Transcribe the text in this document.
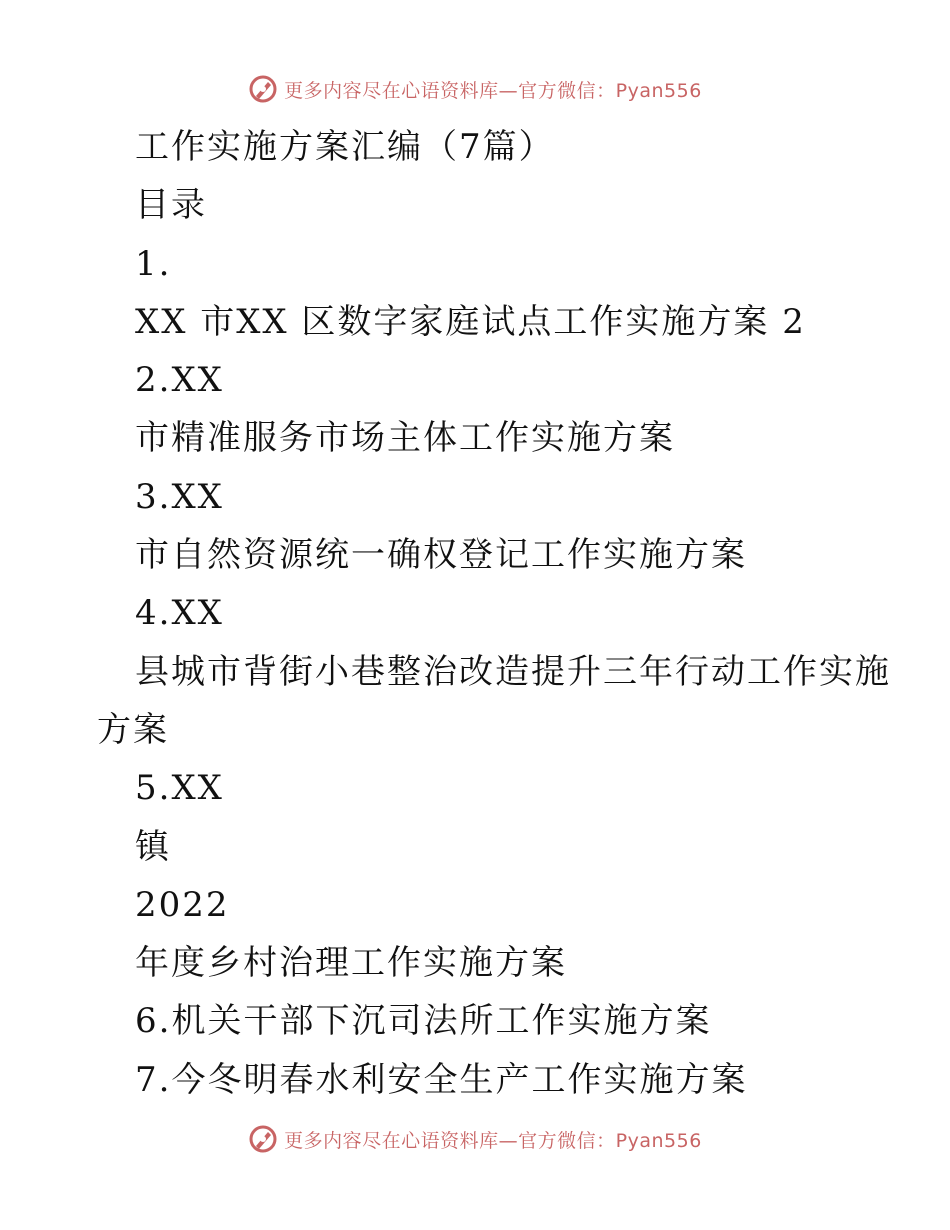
更多内容尽在心语资料库—官方微信：Pyan556
工作实施方案汇编（7篇）
目录
1.
XX 市XX 区数字家庭试点工作实施方案 2
2.XX
市精准服务市场主体工作实施方案
3.XX
市自然资源统一确权登记工作实施方案
4.XX
县城市背街小巷整治改造提升三年行动工作实施
方案
5.XX
镇
2022
年度乡村治理工作实施方案
6.机关干部下沉司法所工作实施方案
7.今冬明春水利安全生产工作实施方案
更多内容尽在心语资料库—官方微信：Pyan556
